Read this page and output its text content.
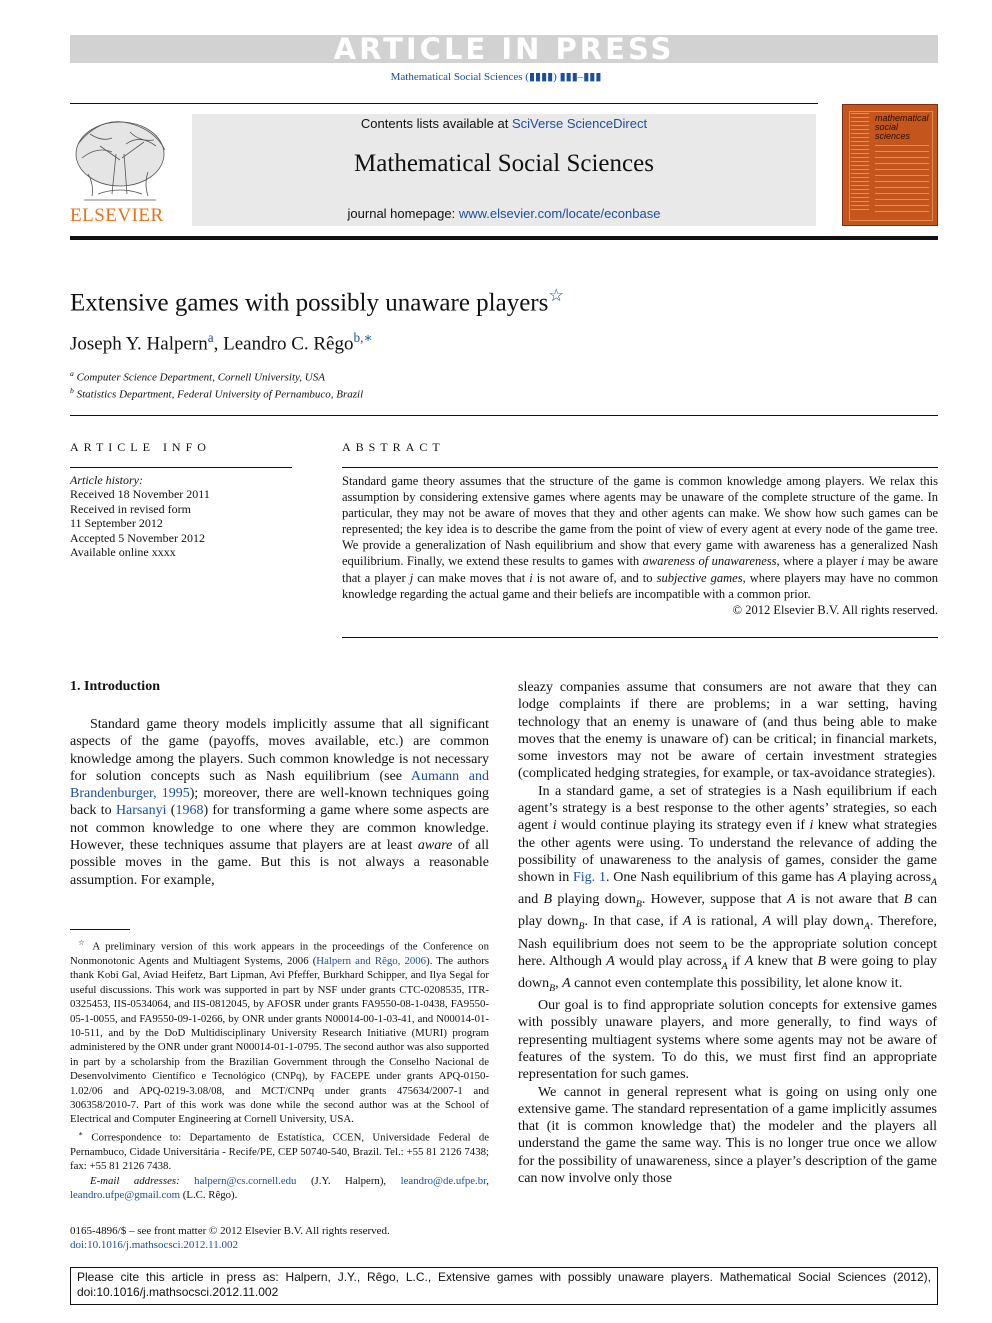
ARTICLE IN PRESS
Mathematical Social Sciences (▮▮▮▮) ▮▮▮–▮▮▮
ELSEVIER
Contents lists available at SciVerse ScienceDirect
Mathematical Social Sciences
journal homepage: www.elsevier.com/locate/econbase
mathematical social sciences
Extensive games with possibly unaware players☆
Joseph Y. Halpern$^a$, Leandro C. Rêgo$^{b,∗}$
$^a$ Computer Science Department, Cornell University, USA
$^b$ Statistics Department, Federal University of Pernambuco, Brazil
ARTICLE INFO
Article history:
Received 18 November 2011
Received in revised form
11 September 2012
Accepted 5 November 2012
Available online xxxx
ABSTRACT
Standard game theory assumes that the structure of the game is common knowledge among players. We relax this assumption by considering extensive games where agents may be unaware of the complete structure of the game. In particular, they may not be aware of moves that they and other agents can make. We show how such games can be represented; the key idea is to describe the game from the point of view of every agent at every node of the game tree. We provide a generalization of Nash equilibrium and show that every game with awareness has a generalized Nash equilibrium. Finally, we extend these results to games with awareness of unawareness, where a player i may be aware that a player j can make moves that i is not aware of, and to subjective games, where players may have no common knowledge regarding the actual game and their beliefs are incompatible with a common prior.
© 2012 Elsevier B.V. All rights reserved.
1. Introduction

Standard game theory models implicitly assume that all significant aspects of the game (payoffs, moves available, etc.) are common knowledge among the players. Such common knowledge is not necessary for solution concepts such as Nash equilibrium (see Aumann and Brandenburger, 1995); moreover, there are well-known techniques going back to Harsanyi (1968) for transforming a game where some aspects are not common knowledge to one where they are common knowledge. However, these techniques assume that players are at least aware of all possible moves in the game. But this is not always a reasonable assumption. For example,

sleazy companies assume that consumers are not aware that they can lodge complaints if there are problems; in a war setting, having technology that an enemy is unaware of (and thus being able to make moves that the enemy is unaware of) can be critical; in financial markets, some investors may not be aware of certain investment strategies (complicated hedging strategies, for example, or tax-avoidance strategies).

In a standard game, a set of strategies is a Nash equilibrium if each agent’s strategy is a best response to the other agents’ strategies, so each agent i would continue playing its strategy even if i knew what strategies the other agents were using. To understand the relevance of adding the possibility of unawareness to the analysis of games, consider the game shown in Fig. 1. One Nash equilibrium of this game has A playing across$_A$ and B playing down$_B$. However, suppose that A is not aware that B can play down$_B$. In that case, if A is rational, A will play down$_A$. Therefore, Nash equilibrium does not seem to be the appropriate solution concept here. Although A would play across$_A$ if A knew that B were going to play down$_B$, A cannot even contemplate this possibility, let alone know it.

Our goal is to find appropriate solution concepts for extensive games with possibly unaware players, and more generally, to find ways of representing multiagent systems where some agents may not be aware of features of the system. To do this, we must first find an appropriate representation for such games.

We cannot in general represent what is going on using only one extensive game. The standard representation of a game implicitly assumes that (it is common knowledge that) the modeler and the players all understand the game the same way. This is no longer true once we allow for the possibility of unawareness, since a player’s description of the game can now involve only those

☆ A preliminary version of this work appears in the proceedings of the Conference on Nonmonotonic Agents and Multiagent Systems, 2006 (Halpern and Rêgo, 2006). The authors thank Kobi Gal, Aviad Heifetz, Bart Lipman, Avi Pfeffer, Burkhard Schipper, and Ilya Segal for useful discussions. This work was supported in part by NSF under grants CTC-0208535, ITR-0325453, IIS-0534064, and IIS-0812045, by AFOSR under grants FA9550-08-1-0438, FA9550-05-1-0055, and FA9550-09-1-0266, by ONR under grants N00014-00-1-03-41, and N00014-01-10-511, and by the DoD Multidisciplinary University Research Initiative (MURI) program administered by the ONR under grant N00014-01-1-0795. The second author was also supported in part by a scholarship from the Brazilian Government through the Conselho Nacional de Desenvolvimento Científico e Tecnológico (CNPq), by FACEPE under grants APQ-0150-1.02/06 and APQ-0219-3.08/08, and MCT/CNPq under grants 475634/2007-1 and 306358/2010-7. Part of this work was done while the second author was at the School of Electrical and Computer Engineering at Cornell University, USA.

∗ Correspondence to: Departamento de Estatística, CCEN, Universidade Federal de Pernambuco, Cidade Universitária - Recife/PE, CEP 50740-540, Brazil. Tel.: +55 81 2126 7438; fax: +55 81 2126 7438.

E-mail addresses: halpern@cs.cornell.edu (J.Y. Halpern), leandro@de.ufpe.br, leandro.ufpe@gmail.com (L.C. Rêgo).

0165-4896/$ – see front matter © 2012 Elsevier B.V. All rights reserved.
doi:10.1016/j.mathsocsci.2012.11.002
Please cite this article in press as: Halpern, J.Y., Rêgo, L.C., Extensive games with possibly unaware players. Mathematical Social Sciences (2012), doi:10.1016/j.mathsocsci.2012.11.002
